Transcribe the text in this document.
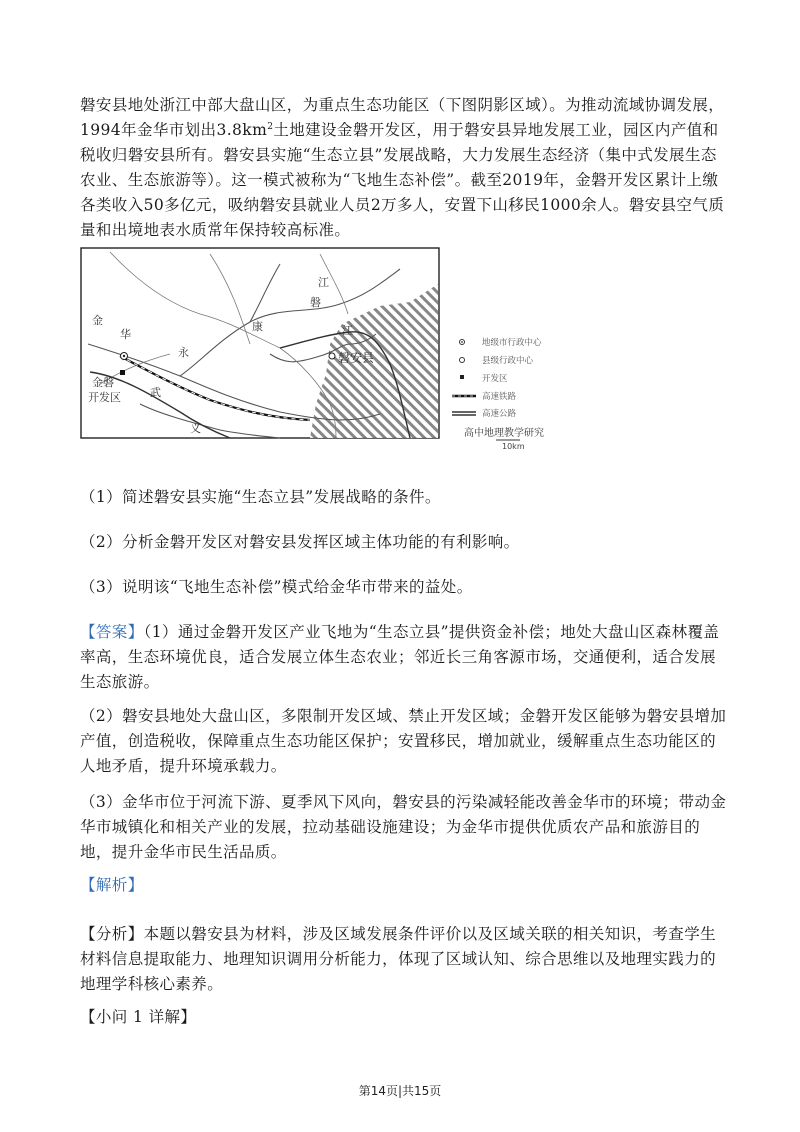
磐安县地处浙江中部大盘山区，为重点生态功能区（下图阴影区域）。为推动流域协调发展，1994年金华市划出$3.8km^2$土地建设金磐开发区，用于磐安县异地发展工业，园区内产值和税收归磐安县所有。磐安县实施“生态立县”发展战略，大力发展生态经济（集中式发展生态农业、生态旅游等）。这一模式被称为“飞地生态补偿”。截至2019年，金磐开发区累计上缴各类收入50多亿元，吸纳磐安县就业人员2万多人，安置下山移民1000余人。磐安县空气质量和出境地表水质常年保持较高标准。

金磐
开发区
磐安县
金
华
江
江
永
康
武
义
磐
地级市行政中心
县级行政中心
开发区
高速铁路
高速公路
10km
高中地理教学研究

（1）简述磐安县实施“生态立县”发展战略的条件。

（2）分析金磐开发区对磐安县发挥区域主体功能的有利影响。

（3）说明该“飞地生态补偿”模式给金华市带来的益处。

【答案】（1）通过金磐开发区产业飞地为“生态立县”提供资金补偿；地处大盘山区森林覆盖率高，生态环境优良，适合发展立体生态农业；邻近长三角客源市场，交通便利，适合发展生态旅游。

（2）磐安县地处大盘山区，多限制开发区域、禁止开发区域；金磐开发区能够为磐安县增加产值，创造税收，保障重点生态功能区保护；安置移民，增加就业，缓解重点生态功能区的人地矛盾，提升环境承载力。

（3）金华市位于河流下游、夏季风下风向，磐安县的污染减轻能改善金华市的环境；带动金华市城镇化和相关产业的发展，拉动基础设施建设；为金华市提供优质农产品和旅游目的地，提升金华市民生活品质。

【解析】

【分析】本题以磐安县为材料，涉及区域发展条件评价以及区域关联的相关知识，考查学生材料信息提取能力、地理知识调用分析能力，体现了区域认知、综合思维以及地理实践力的地理学科核心素养。

【小问 1 详解】

第14页|共15页
